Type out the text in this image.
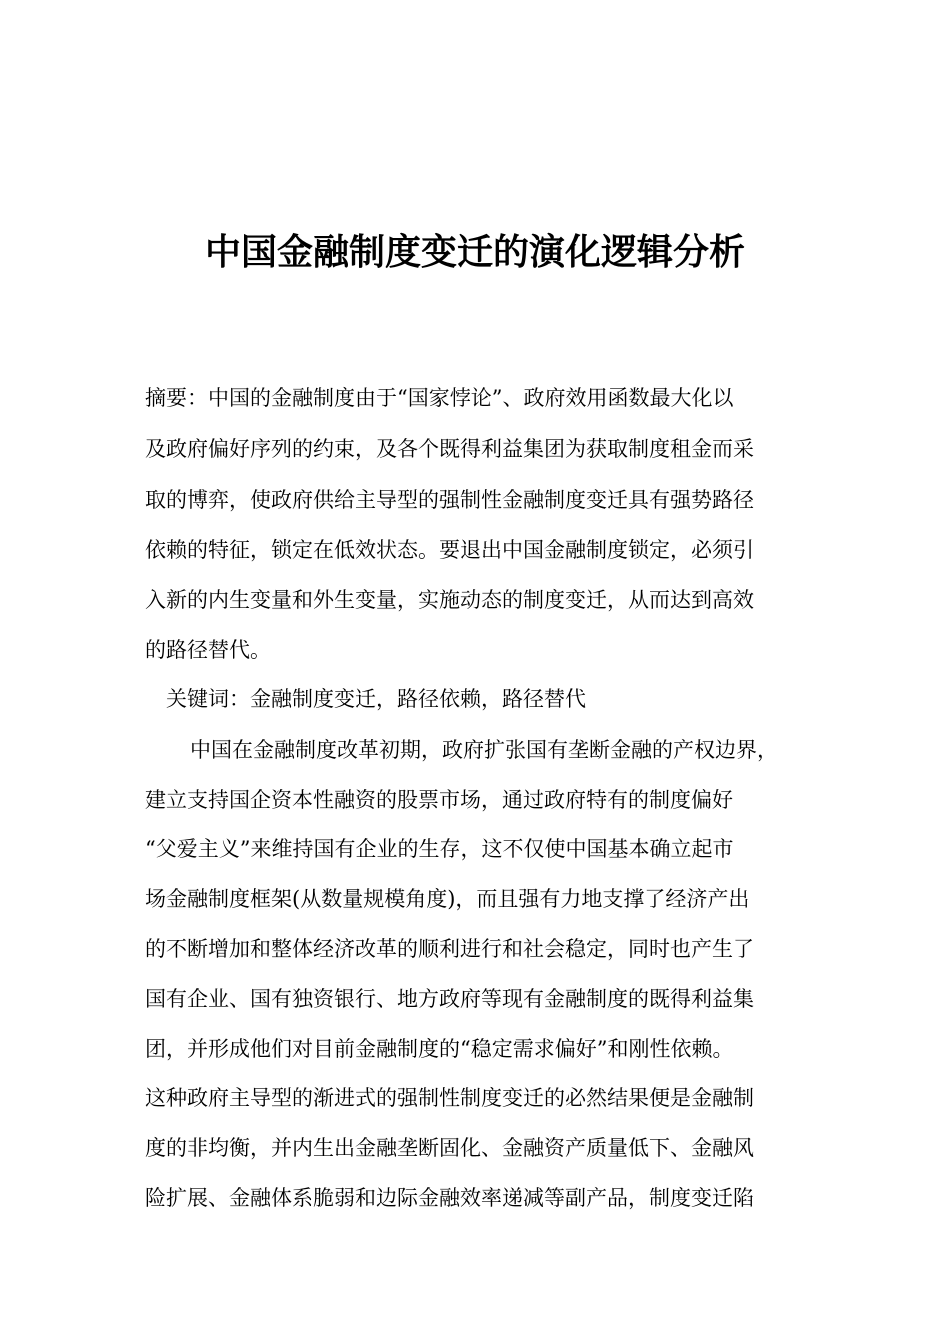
中国金融制度变迁的演化逻辑分析

摘要：中国的金融制度由于“国家悖论”、政府效用函数最大化以

及政府偏好序列的约束，及各个既得利益集团为获取制度租金而采

取的博弈，使政府供给主导型的强制性金融制度变迁具有强势路径

依赖的特征，锁定在低效状态。要退出中国金融制度锁定，必须引

入新的内生变量和外生变量，实施动态的制度变迁，从而达到高效

的路径替代。

关键词：金融制度变迁，路径依赖，路径替代

中国在金融制度改革初期，政府扩张国有垄断金融的产权边界，

建立支持国企资本性融资的股票市场，通过政府特有的制度偏好

“父爱主义”来维持国有企业的生存，这不仅使中国基本确立起市

场金融制度框架(从数量规模角度)，而且强有力地支撑了经济产出

的不断增加和整体经济改革的顺利进行和社会稳定，同时也产生了

国有企业、国有独资银行、地方政府等现有金融制度的既得利益集

团，并形成他们对目前金融制度的“稳定需求偏好”和刚性依赖。

这种政府主导型的渐进式的强制性制度变迁的必然结果便是金融制

度的非均衡，并内生出金融垄断固化、金融资产质量低下、金融风

险扩展、金融体系脆弱和边际金融效率递减等副产品，制度变迁陷
